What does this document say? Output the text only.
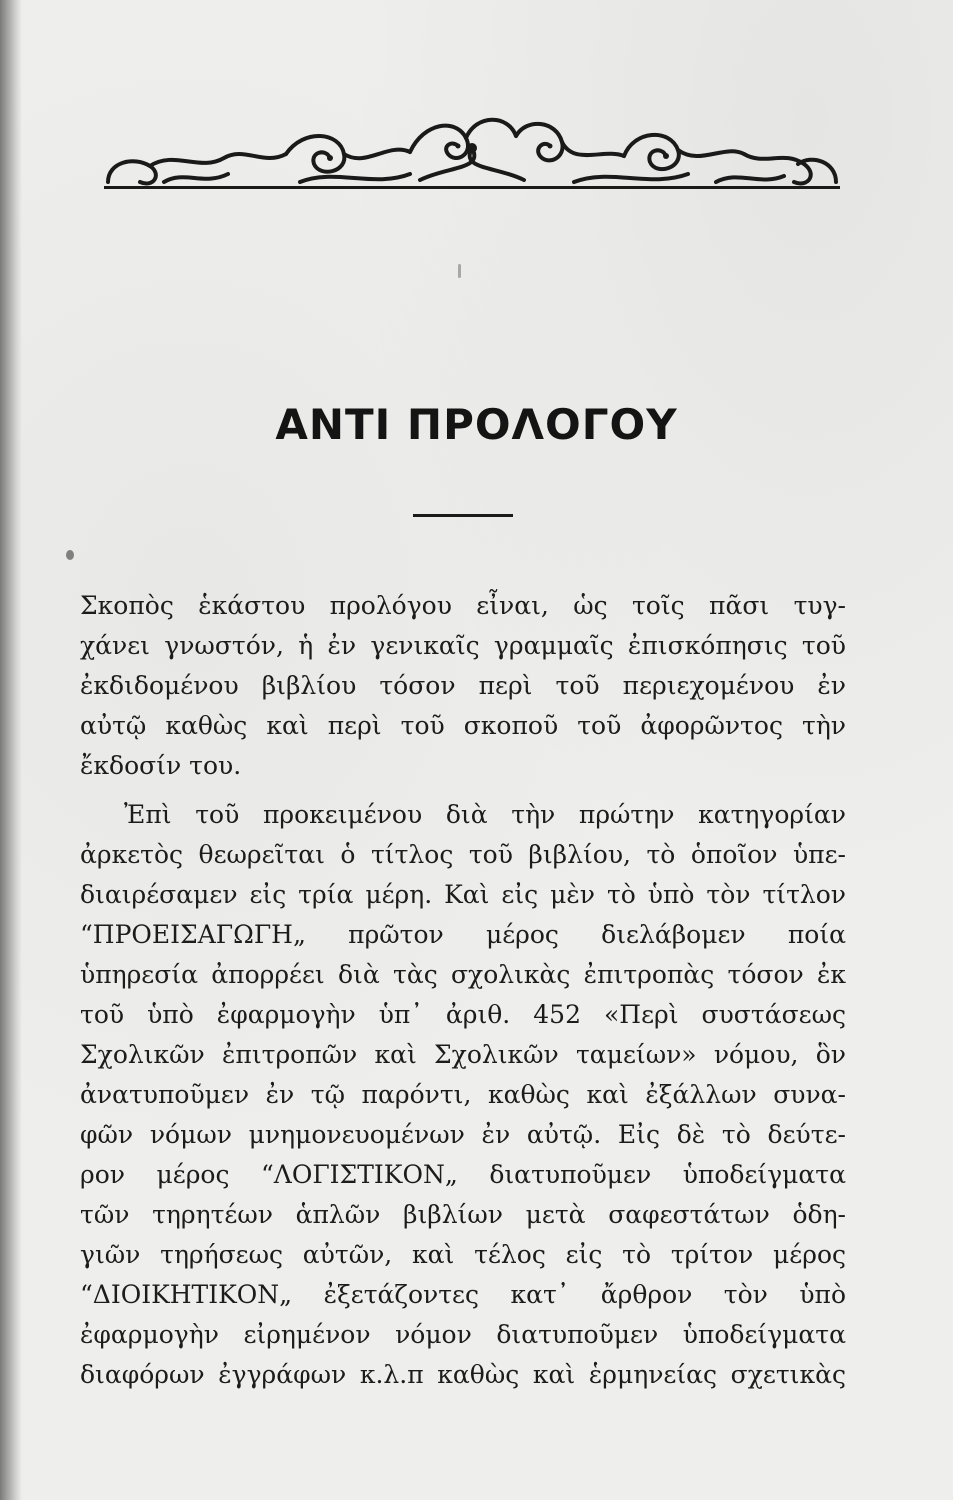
ΑΝΤΙ ΠΡΟΛΟΓΟΥ
Σκοπὸς ἑκάστου προλόγου εἶναι, ὡς τοῖς πᾶσι τυγ-
χάνει γνωστόν, ἡ ἐν γενικαῖς γραμμαῖς ἐπισκόπησις τοῦ
ἐκδιδομένου βιβλίου τόσον περὶ τοῦ περιεχομένου ἐν
αὐτῷ καθὼς καὶ περὶ τοῦ σκοποῦ τοῦ ἀφορῶντος τὴν
ἔκδοσίν του.
Ἐπὶ τοῦ προκειμένου διὰ τὴν πρώτην κατηγορίαν
ἀρκετὸς θεωρεῖται ὁ τίτλος τοῦ βιβλίου, τὸ ὁποῖον ὑπε-
διαιρέσαμεν εἰς τρία μέρη. Καὶ εἰς μὲν τὸ ὑπὸ τὸν τίτλον
“ΠΡΟΕΙΣΑΓΩΓΗ„ πρῶτον μέρος διελάβομεν ποία
ὑπηρεσία ἀπορρέει διὰ τὰς σχολικὰς ἐπιτροπὰς τόσον ἐκ
τοῦ ὑπὸ ἐφαρμογὴν ὑπ᾽ ἀριθ. 452 «Περὶ συστάσεως
Σχολικῶν ἐπιτροπῶν καὶ Σχολικῶν ταμείων» νόμου, ὃν
ἀνατυποῦμεν ἐν τῷ παρόντι, καθὼς καὶ ἐξάλλων συνα-
φῶν νόμων μνημονευομένων ἐν αὐτῷ. Εἰς δὲ τὸ δεύτε-
ρον μέρος “ΛΟΓΙΣΤΙΚΟΝ„ διατυποῦμεν ὑποδείγματα
τῶν τηρητέων ἁπλῶν βιβλίων μετὰ σαφεστάτων ὁδη-
γιῶν τηρήσεως αὐτῶν, καὶ τέλος εἰς τὸ τρίτον μέρος
“ΔΙΟΙΚΗΤΙΚΟΝ„ ἐξετάζοντες κατ᾽ ἄρθρον τὸν ὑπὸ
ἐφαρμογὴν εἰρημένον νόμον διατυποῦμεν ὑποδείγματα
διαφόρων ἐγγράφων κ.λ.π καθὼς καὶ ἑρμηνείας σχετικὰς
